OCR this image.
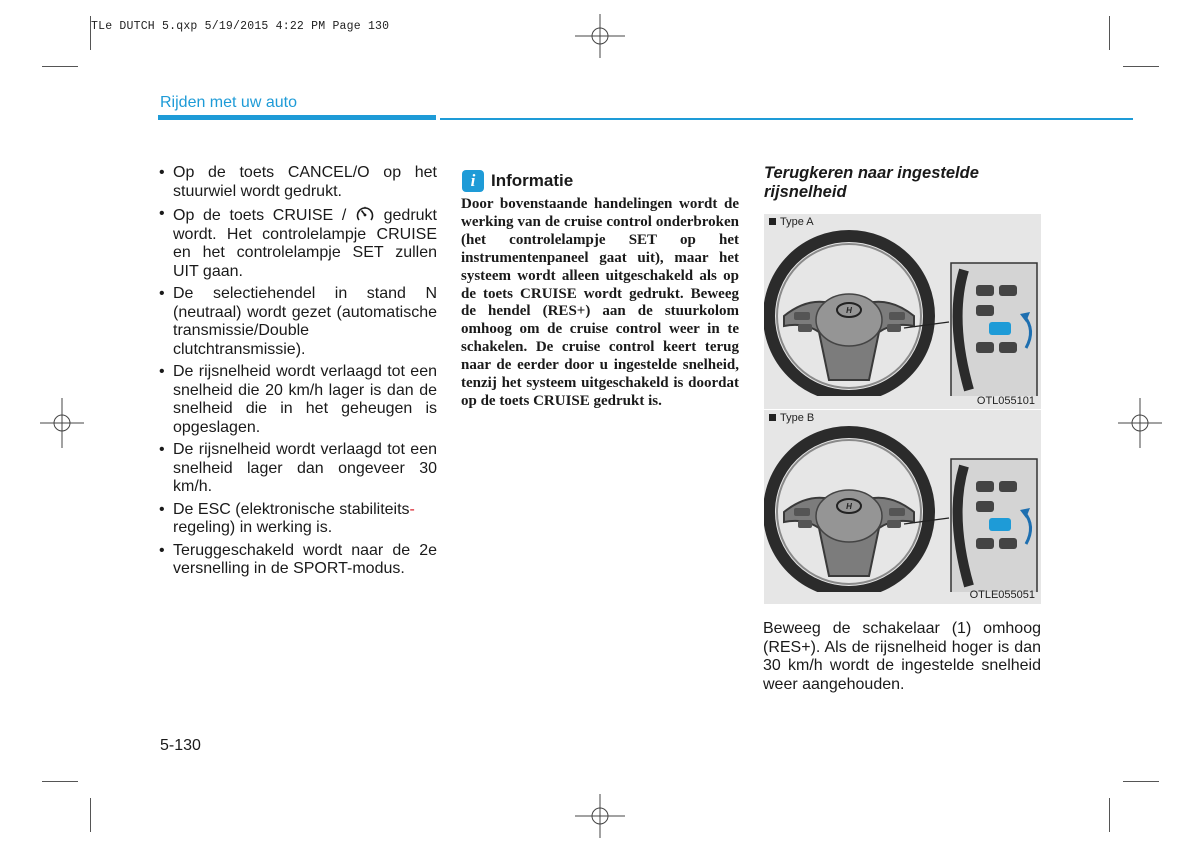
TLe DUTCH 5.qxp 5/19/2015 4:22 PM Page 130
Rijden met uw auto
• Op de toets CANCEL/O op het stuurwiel wordt gedrukt.
• Op de toets CRUISE /  gedrukt wordt. Het controlelampje CRUISE en het controlelampje SET zullen UIT gaan.
• De selectiehendel in stand N (neutraal) wordt gezet (automatische transmissie/Double clutchtransmissie).
• De rijsnelheid wordt verlaagd tot een snelheid die 20 km/h lager is dan de snelheid die in het geheugen is opgeslagen.
• De rijsnelheid wordt verlaagd tot een snelheid lager dan ongeveer 30 km/h.
• De ESC (elektronische stabiliteits-
regeling) in werking is.
• Teruggeschakeld wordt naar de 2e versnelling in de SPORT-modus.
i Informatie

Door bovenstaande handelingen wordt de werking van de cruise control onderbroken (het controlelampje SET op het instrumentenpaneel gaat uit), maar het systeem wordt alleen uitgeschakeld als op de toets CRUISE wordt gedrukt. Beweeg de hendel (RES+) aan de stuurkolom omhoog om de cruise control weer in te schakelen. De cruise control keert terug naar de eerder door u ingestelde snelheid, tenzij het systeem uitgeschakeld is doordat op de toets CRUISE gedrukt is.

Terugkeren naar ingestelde rijsnelheid
Type A
H
OTL055101
Type B
H
OTLE055051

Beweeg de schakelaar (1) omhoog (RES+). Als de rijsnelheid hoger is dan 30 km/h wordt de ingestelde snelheid weer aangehouden.

5-130
